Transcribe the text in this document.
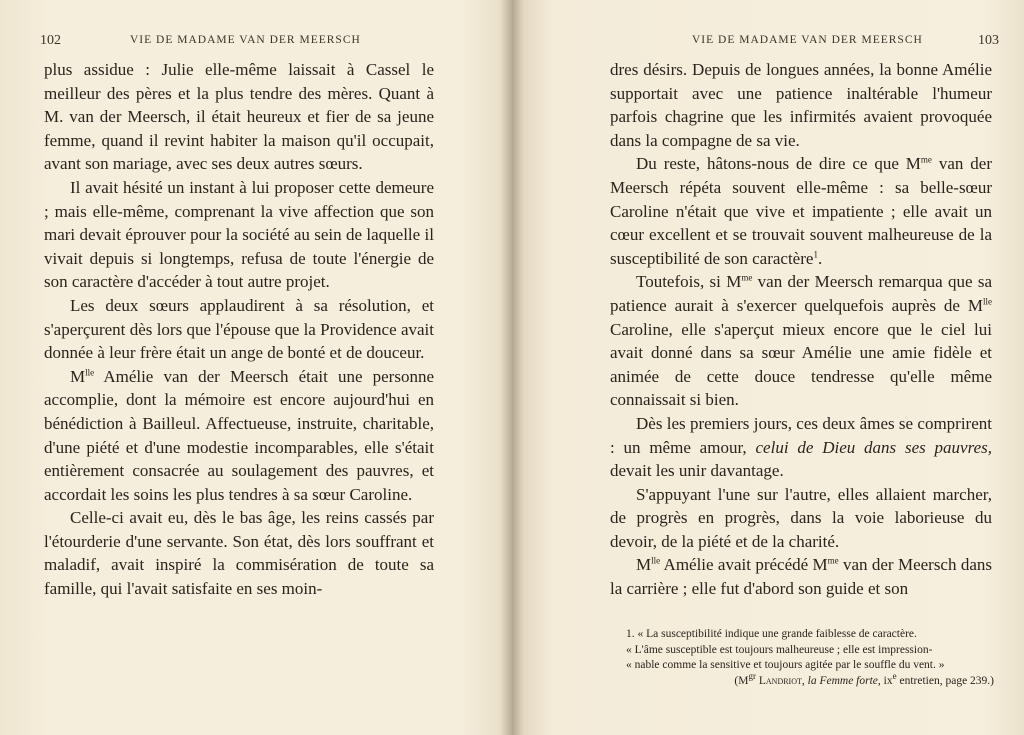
102	VIE DE MADAME VAN DER MEERSCH

plus assidue : Julie elle-même laissait à Cassel le meilleur des pères et la plus tendre des mères. Quant à M. van der Meersch, il était heureux et fier de sa jeune femme, quand il revint habiter la maison qu'il occupait, avant son mariage, avec ses deux autres sœurs.

Il avait hésité un instant à lui proposer cette demeure ; mais elle-même, comprenant la vive affection que son mari devait éprouver pour la société au sein de laquelle il vivait depuis si longtemps, refusa de toute l'énergie de son caractère d'accéder à tout autre projet.

Les deux sœurs applaudirent à sa résolution, et s'aperçurent dès lors que l'épouse que la Providence avait donnée à leur frère était un ange de bonté et de douceur.

$M^{lle}$ Amélie van der Meersch était une personne accomplie, dont la mémoire est encore aujourd'hui en bénédiction à Bailleul. Affectueuse, instruite, charitable, d'une piété et d'une modestie incomparables, elle s'était entièrement consacrée au soulagement des pauvres, et accordait les soins les plus tendres à sa sœur Caroline.

Celle-ci avait eu, dès le bas âge, les reins cassés par l'étourderie d'une servante. Son état, dès lors souffrant et maladif, avait inspiré la commisération de toute sa famille, qui l'avait satisfaite en ses moin-

VIE DE MADAME VAN DER MEERSCH	103

dres désirs. Depuis de longues années, la bonne Amélie supportait avec une patience inaltérable l'humeur parfois chagrine que les infirmités avaient provoquée dans la compagne de sa vie.

Du reste, hâtons-nous de dire ce que $M^{me}$ van der Meersch répéta souvent elle-même : sa belle-sœur Caroline n'était que vive et impatiente ; elle avait un cœur excellent et se trouvait souvent malheureuse de la susceptibilité de son caractère$^1$.

Toutefois, si $M^{me}$ van der Meersch remarqua que sa patience aurait à s'exercer quelquefois auprès de $M^{lle}$ Caroline, elle s'aperçut mieux encore que le ciel lui avait donné dans sa sœur Amélie une amie fidèle et animée de cette douce tendresse qu'elle même connaissait si bien.

Dès les premiers jours, ces deux âmes se comprirent : un même amour, celui de Dieu dans ses pauvres, devait les unir davantage.

S'appuyant l'une sur l'autre, elles allaient marcher, de progrès en progrès, dans la voie laborieuse du devoir, de la piété et de la charité.

$M^{lle}$ Amélie avait précédé $M^{me}$ van der Meersch dans la carrière ; elle fut d'abord son guide et son

1. « La susceptibilité indique une grande faiblesse de caractère.

« L'âme susceptible est toujours malheureuse ; elle est impression-

« nable comme la sensitive et toujours agitée par le souffle du vent. »

($M^{gr}$ Landriot, la Femme forte, $ix^e$ entretien, page 239.)
